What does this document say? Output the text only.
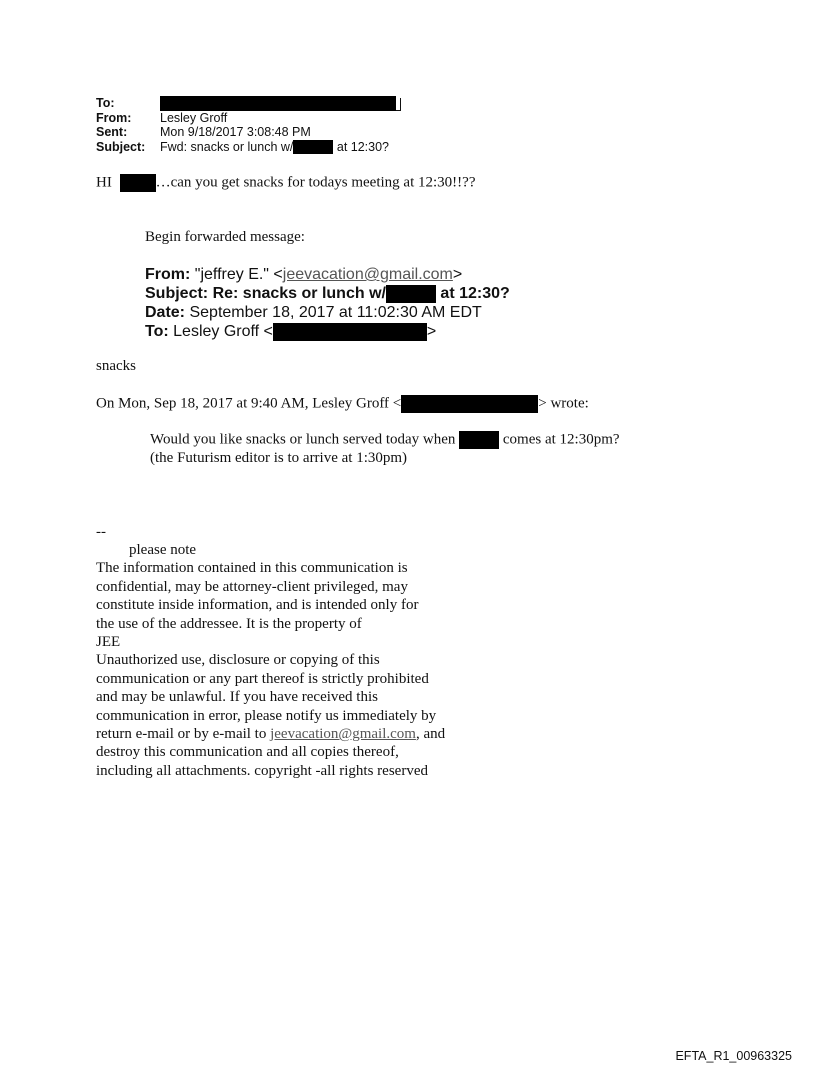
To:
From: Lesley Groff
Sent:	Mon 9/18/2017 3:08:48 PM
Subject: Fwd: snacks or lunch w/	at 12:30?
HI	…can you get snacks for todays meeting at 12:30!!??
Begin forwarded message:
From: "jeffrey E." <jeevacation@gmail.com>
Subject: Re: snacks or lunch w/	at 12:30?
Date: September 18, 2017 at 11:02:30 AM EDT
To: Lesley Groff <	>
snacks
On Mon, Sep 18, 2017 at 9:40 AM, Lesley Groff <	> wrote:
Would you like snacks or lunch served today when	comes at 12:30pm?
(the Futurism editor is to arrive at 1:30pm)
--
please note
The information contained in this communication is
confidential, may be attorney-client privileged, may
constitute inside information, and is intended only for
the use of the addressee. It is the property of
JEE
Unauthorized use, disclosure or copying of this
communication or any part thereof is strictly prohibited
and may be unlawful. If you have received this
communication in error, please notify us immediately by
return e-mail or by e-mail to jeevacation@gmail.com, and
destroy this communication and all copies thereof,
including all attachments. copyright -all rights reserved
EFTA_R1_00963325
